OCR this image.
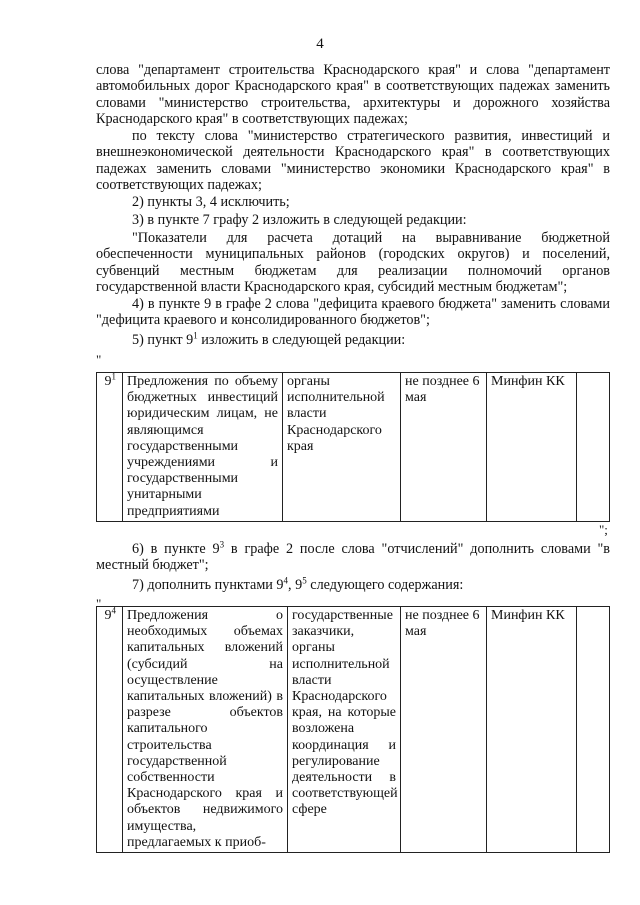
4
слова "департамент строительства Краснодарского края" и слова "департамент автомобильных дорог Краснодарского края" в соответствующих падежах заменить словами "министерство строительства, архитектуры и дорожного хозяйства Краснодарского края" в соответствующих падежах;
по тексту слова "министерство стратегического развития, инвестиций и внешнеэкономической деятельности Краснодарского края" в соответствующих падежах заменить словами "министерство экономики Краснодарского края" в соответствующих падежах;
2) пункты 3, 4 исключить;
3) в пункте 7 графу 2 изложить в следующей редакции:
"Показатели для расчета дотаций на выравнивание бюджетной обеспеченности муниципальных районов (городских округов) и поселений, субвенций местным бюджетам для реализации полномочий органов государственной власти Краснодарского края, субсидий местным бюджетам";
4) в пункте 9 в графе 2 слова "дефицита краевого бюджета" заменить словами "дефицита краевого и консолидированного бюджетов";
5) пункт $9^1$ изложить в следующей редакции:
"
$9^1$	Предложения по объему бюджетных инвестиций юридическим лицам, не являющимся государственными учреждениями и государственными унитарными предприятиями	органы исполнительной власти Краснодарского края	не позднее 6 мая	Минфин КК	
";
6) в пункте $9^3$ в графе 2 после слова "отчислений" дополнить словами "в местный бюджет";
7) дополнить пунктами $9^4$, $9^5$ следующего содержания:
"
$9^4$	Предложения о необходимых объемах капитальных вложений (субсидий на осуществление капитальных вложений) в разрезе объектов капитального строительства государственной собственности Краснодарского края и объектов недвижимого имущества, предлагаемых к приоб-	государственные заказчики, органы исполнительной власти Краснодарского края, на которые возложена координация и регулирование деятельности в соответствующей сфере	не позднее 6 мая	Минфин КК	
